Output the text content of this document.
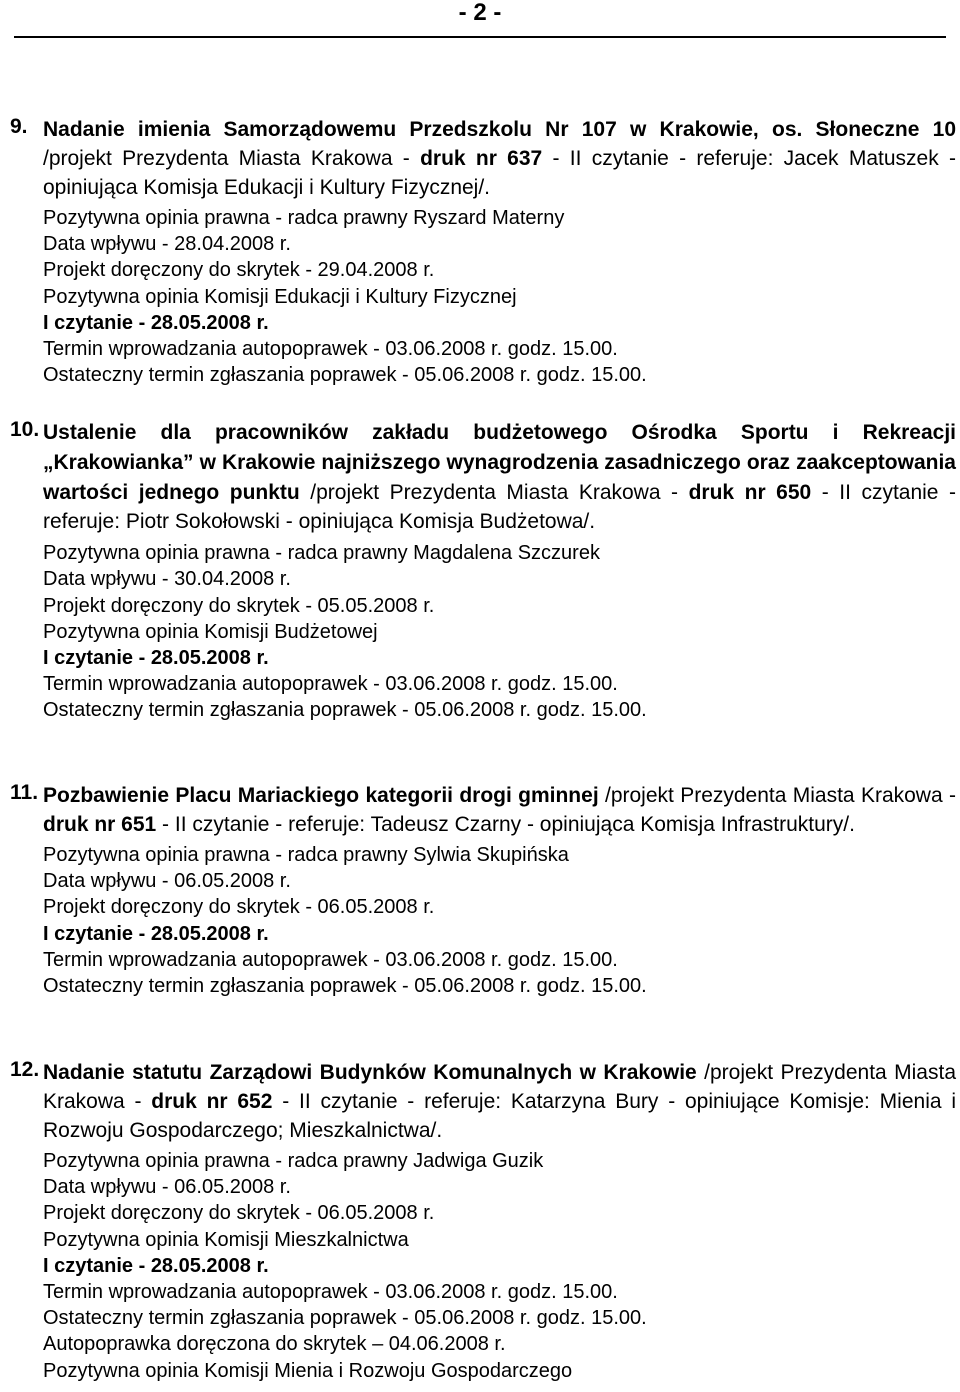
- 2 -
9. Nadanie imienia Samorządowemu Przedszkolu Nr 107 w Krakowie, os. Słoneczne 10 /projekt Prezydenta Miasta Krakowa - druk nr 637 - II czytanie - referuje: Jacek Matuszek - opiniująca Komisja Edukacji i Kultury Fizycznej/.
Pozytywna opinia prawna - radca prawny Ryszard Materny
Data wpływu - 28.04.2008 r.
Projekt doręczony do skrytek - 29.04.2008 r.
Pozytywna opinia Komisji Edukacji i Kultury Fizycznej
I czytanie - 28.05.2008 r.
Termin wprowadzania autopoprawek - 03.06.2008 r. godz. 15.00.
Ostateczny termin zgłaszania poprawek - 05.06.2008 r. godz. 15.00.
10. Ustalenie dla pracowników zakładu budżetowego Ośrodka Sportu i Rekreacji „Krakowianka” w Krakowie najniższego wynagrodzenia zasadniczego oraz zaakceptowania wartości jednego punktu /projekt Prezydenta Miasta Krakowa - druk nr 650 - II czytanie - referuje: Piotr Sokołowski - opiniująca Komisja Budżetowa/.
Pozytywna opinia prawna - radca prawny Magdalena Szczurek
Data wpływu - 30.04.2008 r.
Projekt doręczony do skrytek - 05.05.2008 r.
Pozytywna opinia Komisji Budżetowej
I czytanie - 28.05.2008 r.
Termin wprowadzania autopoprawek - 03.06.2008 r. godz. 15.00.
Ostateczny termin zgłaszania poprawek - 05.06.2008 r. godz. 15.00.
11. Pozbawienie Placu Mariackiego kategorii drogi gminnej /projekt Prezydenta Miasta Krakowa - druk nr 651 - II czytanie - referuje: Tadeusz Czarny - opiniująca Komisja Infrastruktury/.
Pozytywna opinia prawna - radca prawny Sylwia Skupińska
Data wpływu - 06.05.2008 r.
Projekt doręczony do skrytek - 06.05.2008 r.
I czytanie - 28.05.2008 r.
Termin wprowadzania autopoprawek - 03.06.2008 r. godz. 15.00.
Ostateczny termin zgłaszania poprawek - 05.06.2008 r. godz. 15.00.
12. Nadanie statutu Zarządowi Budynków Komunalnych w Krakowie /projekt Prezydenta Miasta Krakowa - druk nr 652 - II czytanie - referuje: Katarzyna Bury - opiniujące Komisje: Mienia i Rozwoju Gospodarczego; Mieszkalnictwa/.
Pozytywna opinia prawna - radca prawny Jadwiga Guzik
Data wpływu - 06.05.2008 r.
Projekt doręczony do skrytek - 06.05.2008 r.
Pozytywna opinia Komisji Mieszkalnictwa
I czytanie - 28.05.2008 r.
Termin wprowadzania autopoprawek - 03.06.2008 r. godz. 15.00.
Ostateczny termin zgłaszania poprawek - 05.06.2008 r. godz. 15.00.
Autopoprawka doręczona do skrytek – 04.06.2008 r.
Pozytywna opinia Komisji Mienia i Rozwoju Gospodarczego
